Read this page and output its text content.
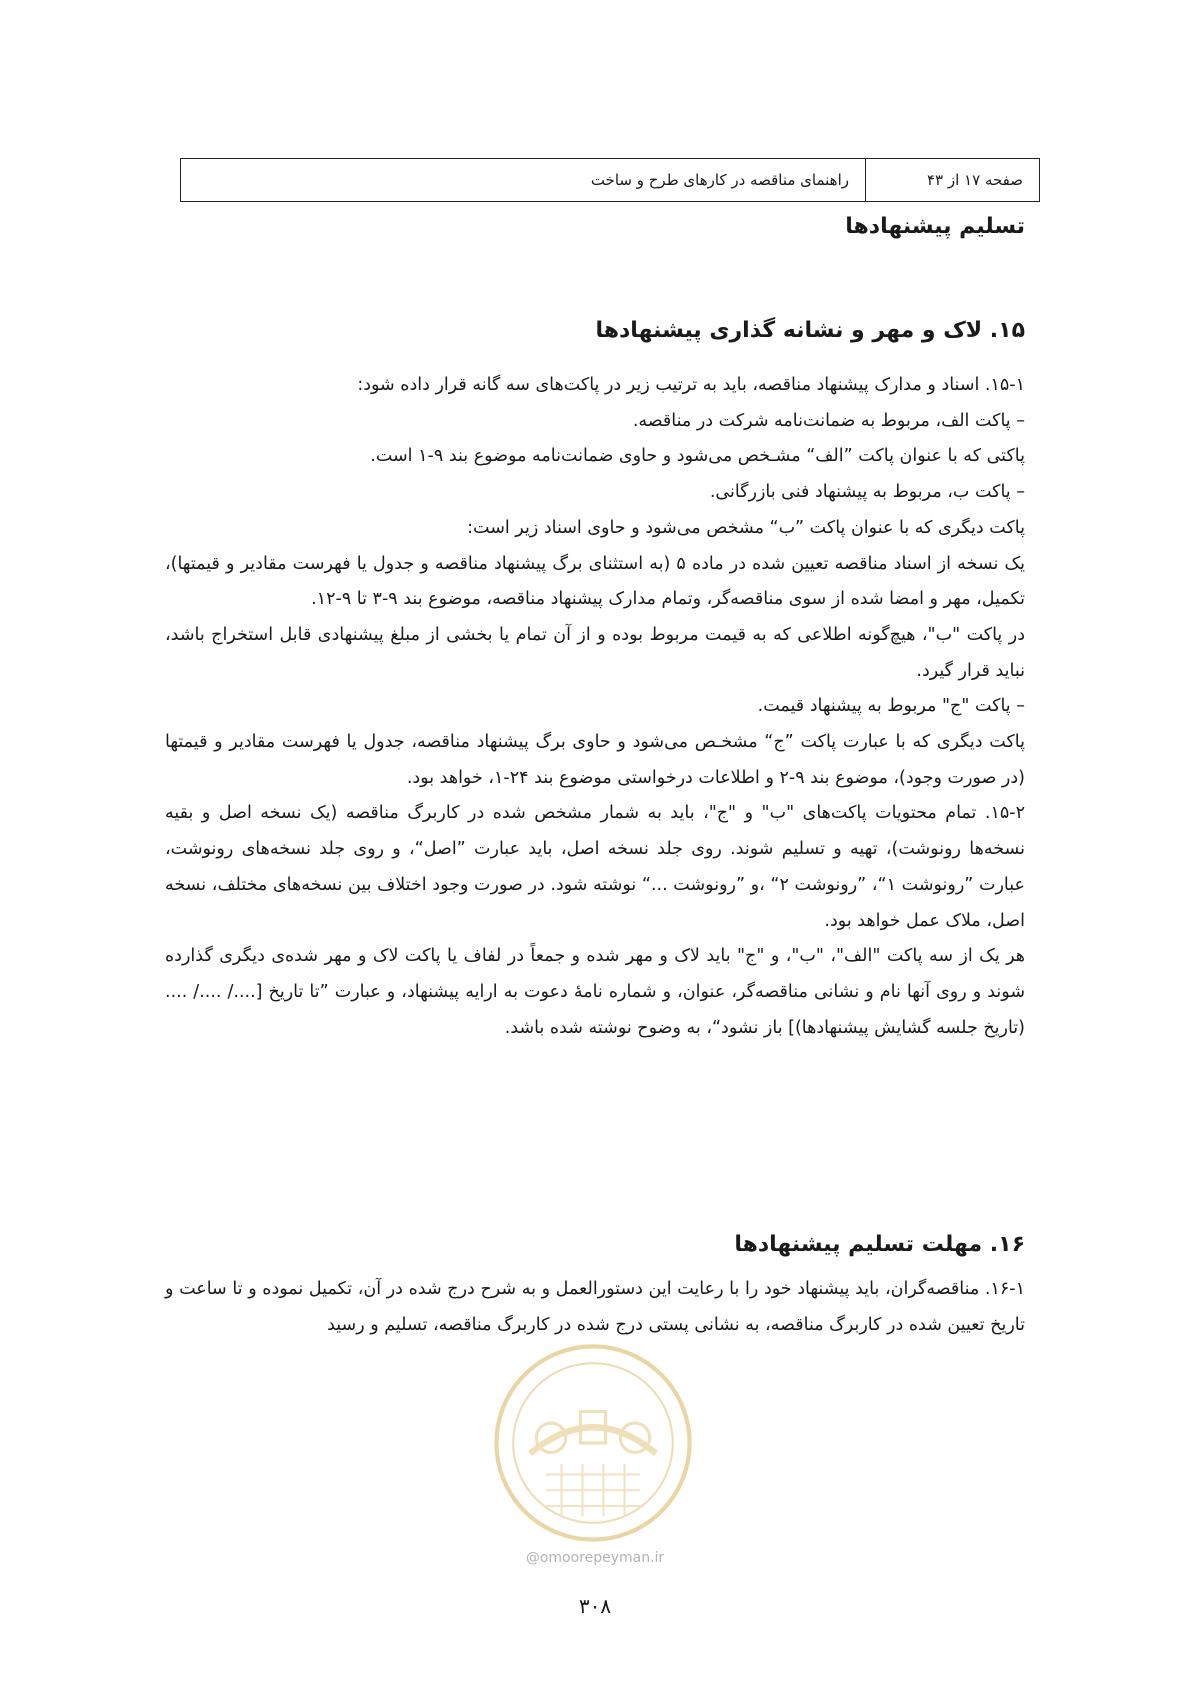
صفحه ۱۷ از ۴۳
راهنمای مناقصه در کارهای طرح و ساخت
تسلیم پیشنهادها
۱۵. لاک و مهر و نشانه گذاری پیشنهادها

۱۵-۱. اسناد و مدارک پیشنهاد مناقصه، باید به ترتیب زیر در پاکت‌های سه گانه قرار داده شود:

– پاکت الف، مربوط به ضمانت‌نامه شرکت در مناقصه.

پاکتی که با عنوان پاکت ”الف“ مشـخص می‌شود و حاوی ضمانت‌نامه موضوع بند ۹-۱ است.

– پاکت ب، مربوط به پیشنهاد فنی بازرگانی.

پاکت دیگری که با عنوان پاکت ”ب“ مشخص می‌شود و حاوی اسناد زیر است:

یک نسخه از اسناد مناقصه تعیین شده در ماده ۵ (به استثنای برگ پیشنهاد مناقصه و جدول یا فهرست مقادیر و قیمتها)، تکمیل، مهر و امضا شده از سوی مناقصه‌گر، وتمام مدارک پیشنهاد مناقصه، موضوع بند ۹-۳ تا ۹-۱۲.

در پاکت "ب"، هیچ‌گونه اطلاعی که به قیمت مربوط بوده و از آن تمام یا بخشی از مبلغ پیشنهادی قابل استخراج باشد، نباید قرار گیرد.

– پاکت "ج" مربوط به پیشنهاد قیمت.

پاکت دیگری که با عبارت پاکت ”ج“ مشخـص می‌شود و حاوی برگ پیشنهاد مناقصه، جدول یا فهرست مقادیر و قیمتها (در صورت وجود)، موضوع بند ۹-۲ و اطلاعات درخواستی موضوع بند ۲۴-۱، خواهد بود.

۱۵-۲. تمام محتویات پاکت‌های "ب" و "ج"، باید به شمار مشخص شده در کاربرگ مناقصه (یک نسخه اصل و بقیه نسخه‌ها رونوشت)، تهیه و تسلیم شوند. روی جلد نسخه اصل، باید عبارت ”اصل“، و روی جلد نسخه‌های رونوشت، عبارت ”رونوشت ۱“، ”رونوشت ۲“ ،و ”رونوشت ...“ نوشته شود. در صورت وجود اختلاف بین نسخه‌های مختلف، نسخه اصل، ملاک عمل خواهد بود.

هر یک از سه پاکت "الف"، "ب"، و "ج" باید لاک و مهر شده و جمعاً در لفاف یا پاکت لاک و مهر شده‌ی دیگری گذارده شوند و روی آنها نام و نشانی مناقصه‌گر، عنوان، و شماره نامهٔ دعوت به ارایه پیشنهاد، و عبارت ”تا تاریخ [..../ ..../ .... (تاریخ جلسه گشایش پیشنهادها)] باز نشود“، به وضوح نوشته شده باشد.

۱۶. مهلت تسلیم پیشنهادها

۱۶-۱. مناقصه‌گران، باید پیشنهاد خود را با رعایت این دستورالعمل و به شرح درج شده در آن، تکمیل نموده و تا ساعت و تاریخ تعیین شده در کاربرگ مناقصه، به نشانی پستی درج شده در کاربرگ مناقصه، تسلیم و رسید

@omoorepeyman.ir
۳۰۸
